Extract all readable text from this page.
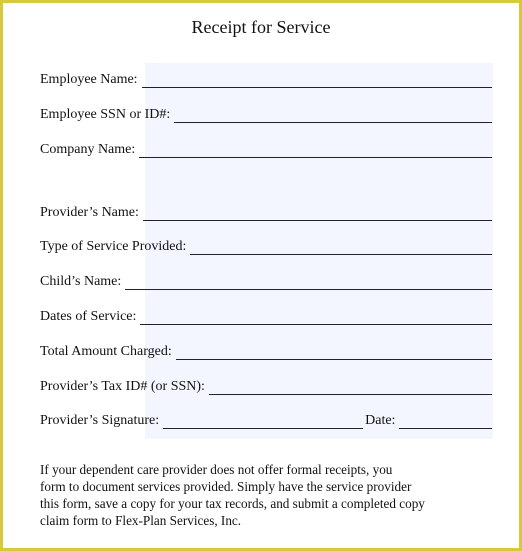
Receipt for Service
Employee Name:
Employee SSN or ID#:
Company Name:
Provider’s Name:
Type of Service Provided:
Child’s Name:
Dates of Service:
Total Amount Charged:
Provider’s Tax ID# (or SSN):
Provider’s Signature:	Date:
If your dependent care provider does not offer formal receipts, you
form to document services provided. Simply have the service provider
this form, save a copy for your tax records, and submit a completed copy
claim form to Flex-Plan Services, Inc.
